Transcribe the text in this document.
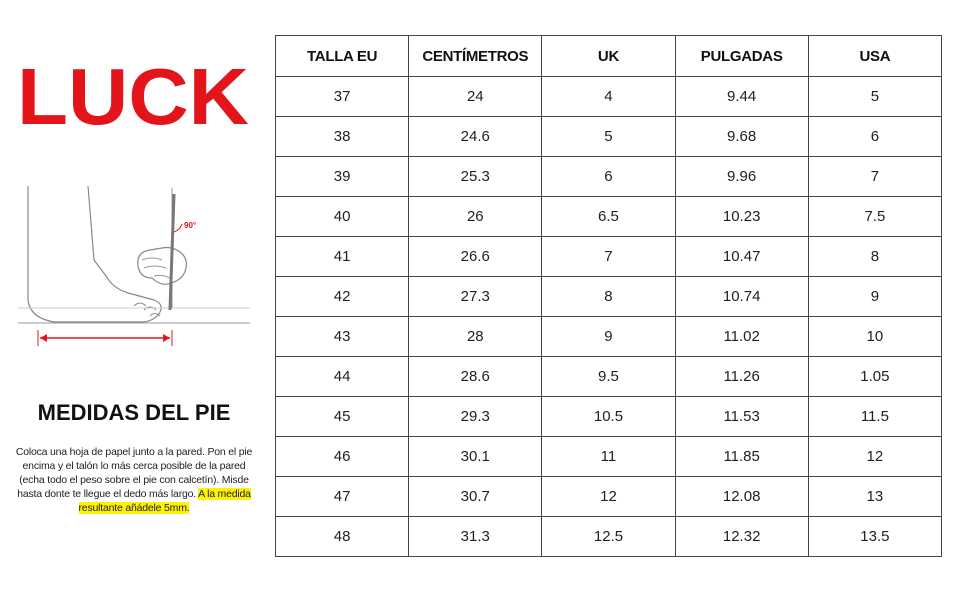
LUCK
90°
MEDIDAS DEL PIE

Coloca una hoja de papel junto a la pared. Pon el pie encima y el talón lo más cerca posible de la pared (echa todo el peso sobre el pie con calcetín). Misde hasta donte te llegue el dedo más largo. A la medida resultante añádele 5mm.

TALLA EU	CENTÍMETROS	UK	PULGADAS	USA
37	24	4	9.44	5
38	24.6	5	9.68	6
39	25.3	6	9.96	7
40	26	6.5	10.23	7.5
41	26.6	7	10.47	8
42	27.3	8	10.74	9
43	28	9	11.02	10
44	28.6	9.5	11.26	1.05
45	29.3	10.5	11.53	11.5
46	30.1	11	11.85	12
47	30.7	12	12.08	13
48	31.3	12.5	12.32	13.5
